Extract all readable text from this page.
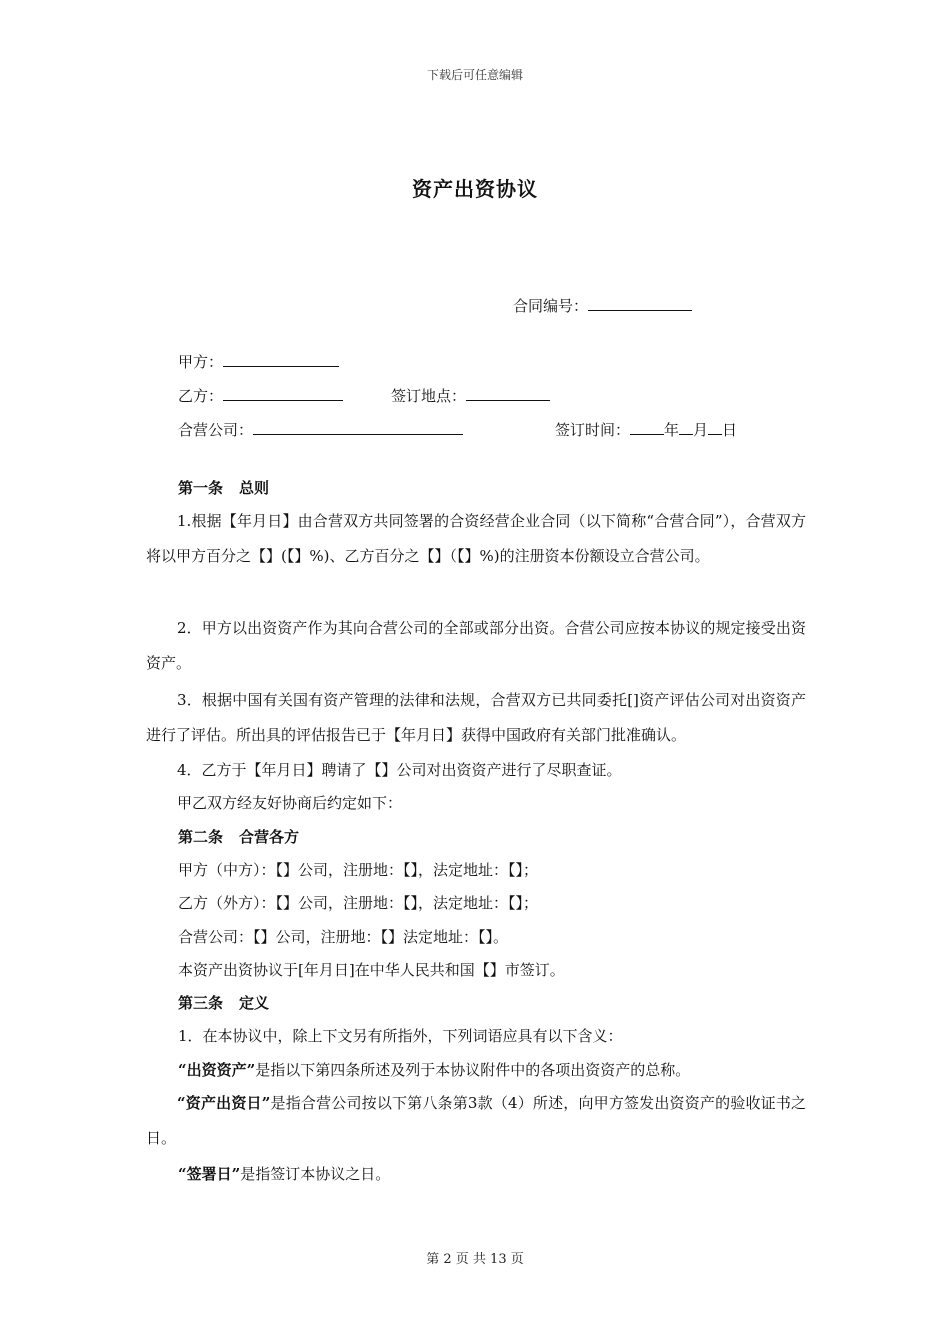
下载后可任意编辑
资产出资协议
合同编号：
甲方：
乙方：	签订地点：
合营公司：	签订时间： 年 月 日
第一条 总则
1.根据【年月日】由合营双方共同签署的合资经营企业合同（以下简称“合营合同”），合营双方将以甲方百分之【】(【】%)、乙方百分之【】（【】%)的注册资本份额设立合营公司。
2．甲方以出资资产作为其向合营公司的全部或部分出资。合营公司应按本协议的规定接受出资资产。
3．根据中国有关国有资产管理的法律和法规，合营双方已共同委托[]资产评估公司对出资资产进行了评估。所出具的评估报告已于【年月日】获得中国政府有关部门批准确认。
4．乙方于【年月日】聘请了【】公司对出资资产进行了尽职查证。
甲乙双方经友好协商后约定如下：
第二条 合营各方
甲方（中方）：【】公司，注册地：【】，法定地址：【】；
乙方（外方）：【】公司，注册地：【】，法定地址：【】；
合营公司：【】公司，注册地：【】法定地址：【】。
本资产出资协议于[年月日]在中华人民共和国【】市签订。
第三条 定义
1．在本协议中，除上下文另有所指外，下列词语应具有以下含义：
“出资资产”是指以下第四条所述及列于本协议附件中的各项出资资产的总称。
“资产出资日”是指合营公司按以下第八条第3款（4）所述，向甲方签发出资资产的验收证书之日。
“签署日”是指签订本协议之日。
第 2 页 共 13 页
